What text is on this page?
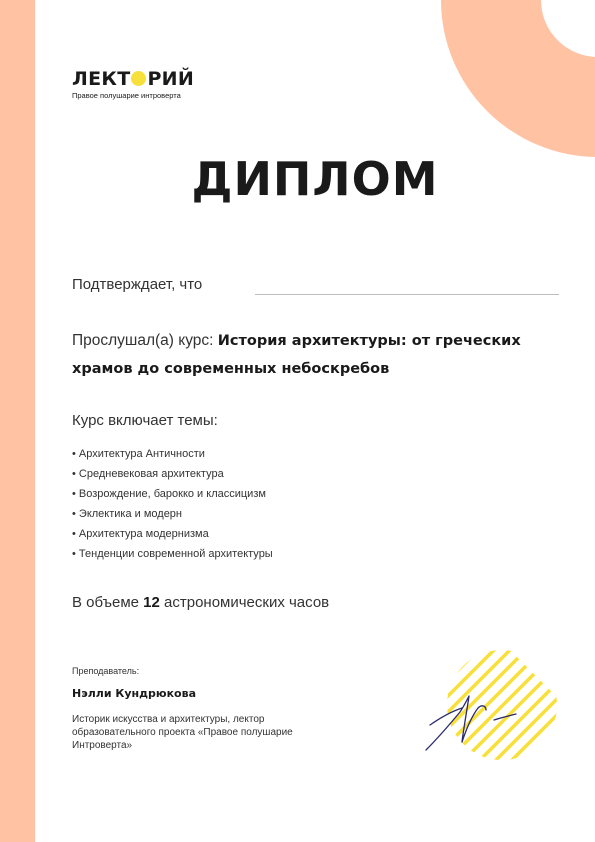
ЛЕКТ РИЙ
Правое полушарие интроверта
ДИПЛОМ
Подтверждает, что
Прослушал(а) курс: История архитектуры: от греческих храмов до современных небоскребов
Курс включает темы:
• Архитектура Античности
• Средневековая архитектура
• Возрождение, барокко и классицизм
• Эклектика и модерн
• Архитектура модернизма
• Тенденции современной архитектуры
В объеме 12 астрономических часов
Преподаватель:
Нэлли Кундрюкова
Историк искусства и архитектуры, лектор образовательного проекта «Правое полушарие Интроверта»
